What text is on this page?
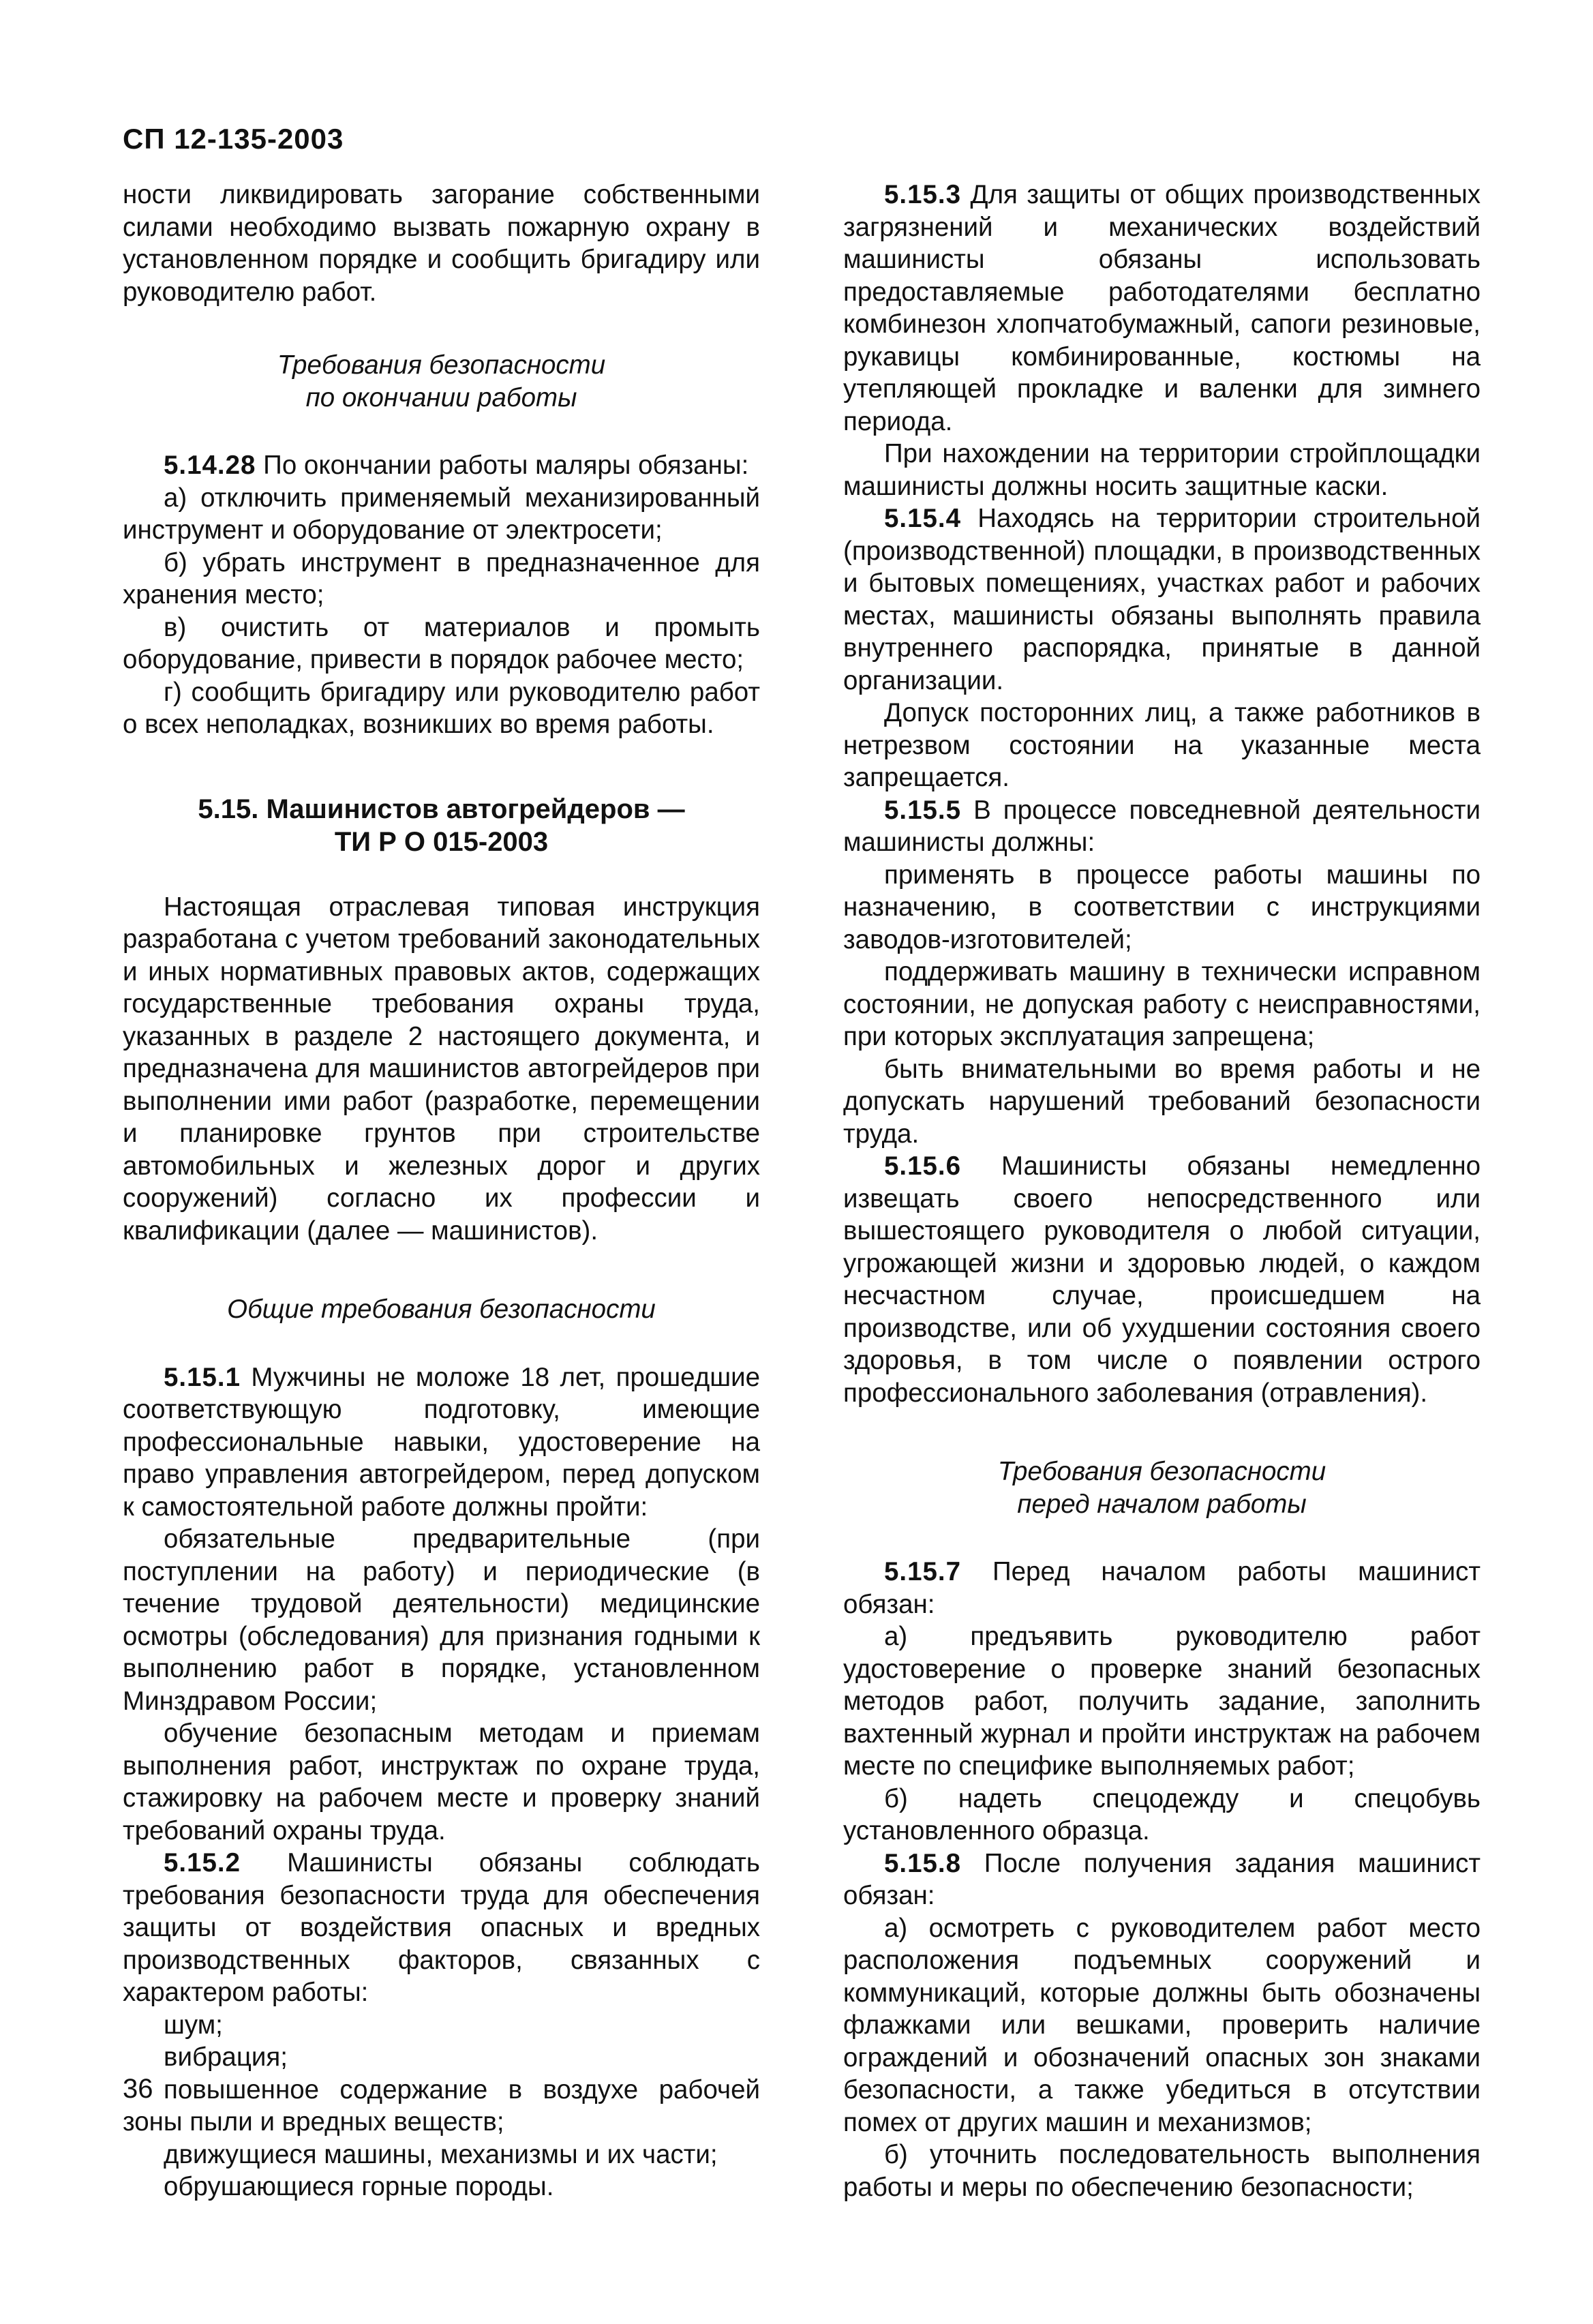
СП 12-135-2003

ности ликвидировать загорание собственными силами необходимо вызвать пожарную охрану в установленном порядке и сообщить бригадиру или руководителю работ.

Требования безопасности
по окончании работы

5.14.28 По окончании работы маляры обязаны:

а) отключить применяемый механизированный инструмент и оборудование от электросети;

б) убрать инструмент в предназначенное для хранения место;

в) очистить от материалов и промыть оборудование, привести в порядок рабочее место;

г) сообщить бригадиру или руководителю работ о всех неполадках, возникших во время работы.

5.15. Машинистов автогрейдеров —
ТИ Р О 015-2003

Настоящая отраслевая типовая инструкция разработана с учетом требований законодательных и иных нормативных правовых актов, содержащих государственные требования охраны труда, указанных в разделе 2 настоящего документа, и предназначена для машинистов автогрейдеров при выполнении ими работ (разработке, перемещении и планировке грунтов при строительстве автомобильных и железных дорог и других сооружений) согласно их профессии и квалификации (далее — машинистов).

Общие требования безопасности

5.15.1 Мужчины не моложе 18 лет, прошедшие соответствующую подготовку, имеющие профессиональные навыки, удостоверение на право управления автогрейдером, перед допуском к самостоятельной работе должны пройти:

обязательные предварительные (при поступлении на работу) и периодические (в течение трудовой деятельности) медицинские осмотры (обследования) для признания годными к выполнению работ в порядке, установленном Минздравом России;

обучение безопасным методам и приемам выполнения работ, инструктаж по охране труда, стажировку на рабочем месте и проверку знаний требований охраны труда.

5.15.2 Машинисты обязаны соблюдать требования безопасности труда для обеспечения защиты от воздействия опасных и вредных производственных факторов, связанных с характером работы:

шум;

вибрация;

повышенное содержание в воздухе рабочей зоны пыли и вредных веществ;

движущиеся машины, механизмы и их части;

обрушающиеся горные породы.

5.15.3 Для защиты от общих производственных загрязнений и механических воздействий машинисты обязаны использовать предоставляемые работодателями бесплатно комбинезон хлопчатобумажный, сапоги резиновые, рукавицы комбинированные, костюмы на утепляющей прокладке и валенки для зимнего периода.

При нахождении на территории стройплощадки машинисты должны носить защитные каски.

5.15.4 Находясь на территории строительной (производственной) площадки, в производственных и бытовых помещениях, участках работ и рабочих местах, машинисты обязаны выполнять правила внутреннего распорядка, принятые в данной организации.

Допуск посторонних лиц, а также работников в нетрезвом состоянии на указанные места запрещается.

5.15.5 В процессе повседневной деятельности машинисты должны:

применять в процессе работы машины по назначению, в соответствии с инструкциями заводов-изготовителей;

поддерживать машину в технически исправном состоянии, не допуская работу с неисправностями, при которых эксплуатация запрещена;

быть внимательными во время работы и не допускать нарушений требований безопасности труда.

5.15.6 Машинисты обязаны немедленно извещать своего непосредственного или вышестоящего руководителя о любой ситуации, угрожающей жизни и здоровью людей, о каждом несчастном случае, происшедшем на производстве, или об ухудшении состояния своего здоровья, в том числе о появлении острого профессионального заболевания (отравления).

Требования безопасности
перед началом работы

5.15.7 Перед началом работы машинист обязан:

а) предъявить руководителю работ удостоверение о проверке знаний безопасных методов работ, получить задание, заполнить вахтенный журнал и пройти инструктаж на рабочем месте по специфике выполняемых работ;

б) надеть спецодежду и спецобувь установленного образца.

5.15.8 После получения задания машинист обязан:

а) осмотреть с руководителем работ место расположения подъемных сооружений и коммуникаций, которые должны быть обозначены флажками или вешками, проверить наличие ограждений и обозначений опасных зон знаками безопасности, а также убедиться в отсутствии помех от других машин и механизмов;

б) уточнить последовательность выполнения работы и меры по обеспечению безопасности;

36
